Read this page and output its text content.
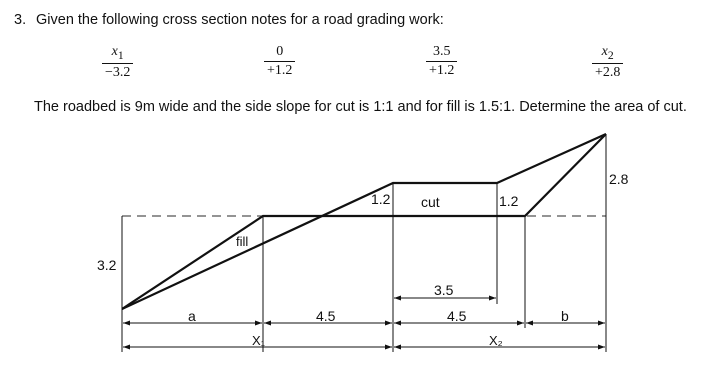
3. Given the following cross section notes for a road grading work:
$\frac{x_1}{-3.2}$	$\frac{0}{+1.2}$	$\frac{3.5}{+1.2}$	$\frac{x_2}{+2.8}$
The roadbed is 9m wide and the side slope for cut is 1:1 and for fill is 1.5:1. Determine the area of cut.
fill
cut
3.2
1.2	1.2
2.8
a	4.5	4.5	b
3.5
X₁	X₂
